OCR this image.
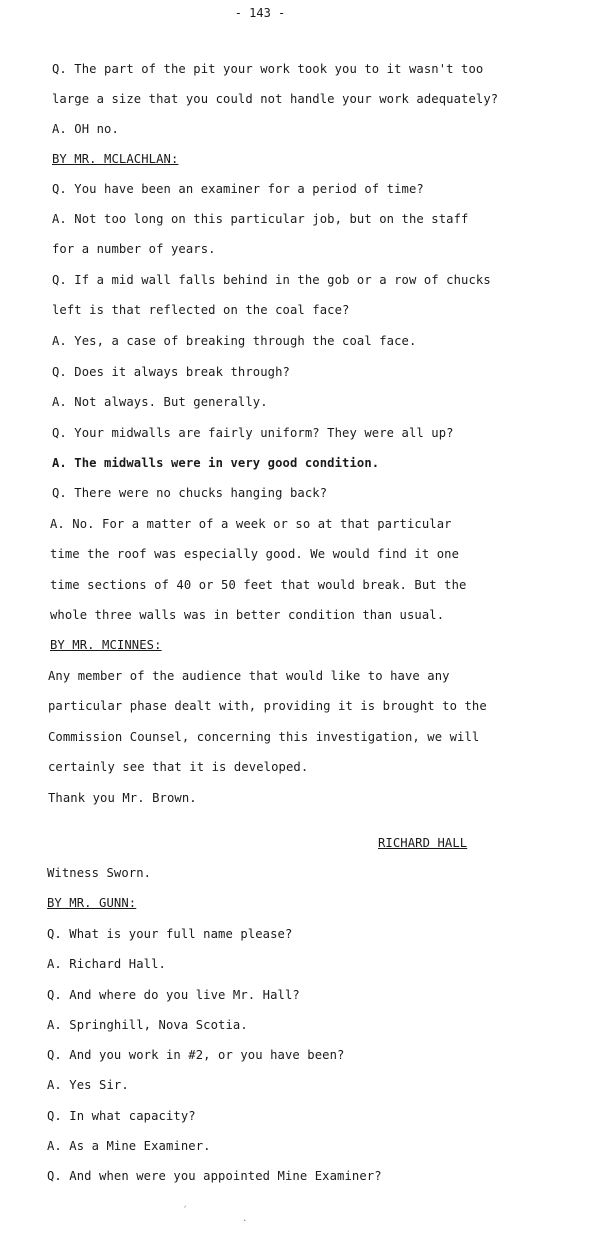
- 143 -
Q. The part of the pit your work took you to it wasn't too
large a size that you could not handle your work adequately?
A. OH no.
BY MR. MCLACHLAN:
Q. You have been an examiner for a period of time?
A. Not too long on this particular job, but on the staff
for a number of years.
Q. If a mid wall falls behind in the gob or a row of chucks
left is that reflected on the coal face?
A. Yes, a case of breaking through the coal face.
Q. Does it always break through?
A. Not always. But generally.
Q. Your midwalls are fairly uniform? They were all up?
A. The midwalls were in very good condition.
Q. There were no chucks hanging back?
A. No. For a matter of a week or so at that particular
time the roof was especially good. We would find it one
time sections of 40 or 50 feet that would break. But the
whole three walls was in better condition than usual.
BY MR. MCINNES:
Any member of the audience that would like to have any
particular phase dealt with, providing it is brought to the
Commission Counsel, concerning this investigation, we will
certainly see that it is developed.
Thank you Mr. Brown.
RICHARD HALL
Witness Sworn.
BY MR. GUNN:
Q. What is your full name please?
A. Richard Hall.
Q. And where do you live Mr. Hall?
A. Springhill, Nova Scotia.
Q. And you work in #2, or you have been?
A. Yes Sir.
Q. In what capacity?
A. As a Mine Examiner.
Q. And when were you appointed Mine Examiner?
´
.
